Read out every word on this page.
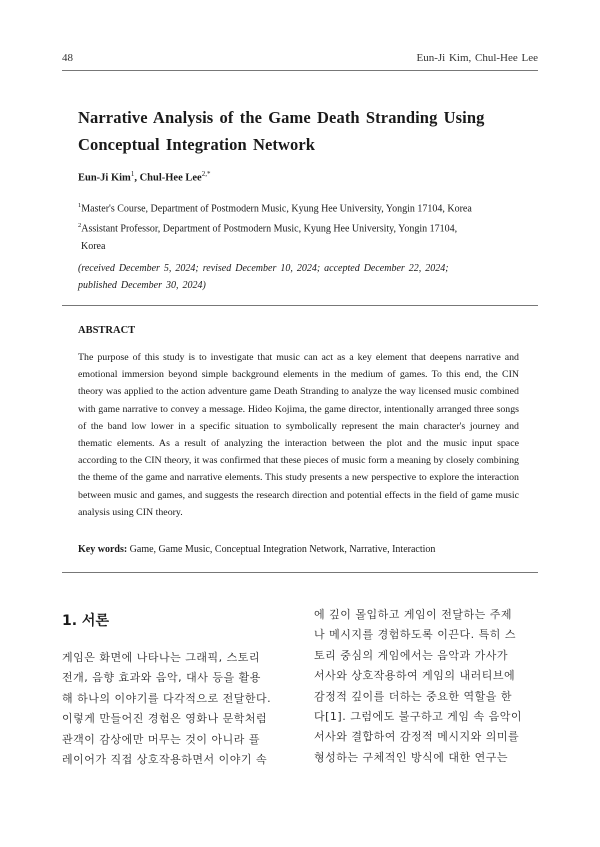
48	Eun-Ji Kim, Chul-Hee Lee
Narrative Analysis of the Game Death Stranding Using
Conceptual Integration Network
Eun-Ji Kim$^1$, Chul-Hee Lee$^{2,*}$
$^1$Master's Course, Department of Postmodern Music, Kyung Hee University, Yongin 17104, Korea
$^2$Assistant Professor, Department of Postmodern Music, Kyung Hee University, Yongin 17104,
Korea
(received December 5, 2024; revised December 10, 2024; accepted December 22, 2024;
published December 30, 2024)
ABSTRACT

The purpose of this study is to investigate that music can act as a key element that deepens narrative and emotional immersion beyond simple background elements in the medium of games. To this end, the CIN theory was applied to the action adventure game Death Stranding to analyze the way licensed music combined with game narrative to convey a message. Hideo Kojima, the game director, intentionally arranged three songs of the band low lower in a specific situation to symbolically represent the main character's journey and thematic elements. As a result of analyzing the interaction between the plot and the music input space according to the CIN theory, it was confirmed that these pieces of music form a meaning by closely combining the theme of the game and narrative elements. This study presents a new perspective to explore the interaction between music and games, and suggests the research direction and potential effects in the field of game music analysis using CIN theory.

Key words: Game, Game Music, Conceptual Integration Network, Narrative, Interaction
1. 서론
게임은 화면에 나타나는 그래픽, 스토리
전개, 음향 효과와 음악, 대사 등을 활용
해 하나의 이야기를 다각적으로 전달한다.
이렇게 만들어진 경험은 영화나 문학처럼
관객이 감상에만 머무는 것이 아니라 플
레이어가 직접 상호작용하면서 이야기 속
에 깊이 몰입하고 게임이 전달하는 주제
나 메시지를 경험하도록 이끈다. 특히 스
토리 중심의 게임에서는 음악과 가사가
서사와 상호작용하여 게임의 내러티브에
감정적 깊이를 더하는 중요한 역할을 한
다[1]. 그럼에도 불구하고 게임 속 음악이
서사와 결합하여 감정적 메시지와 의미를
형성하는 구체적인 방식에 대한 연구는
